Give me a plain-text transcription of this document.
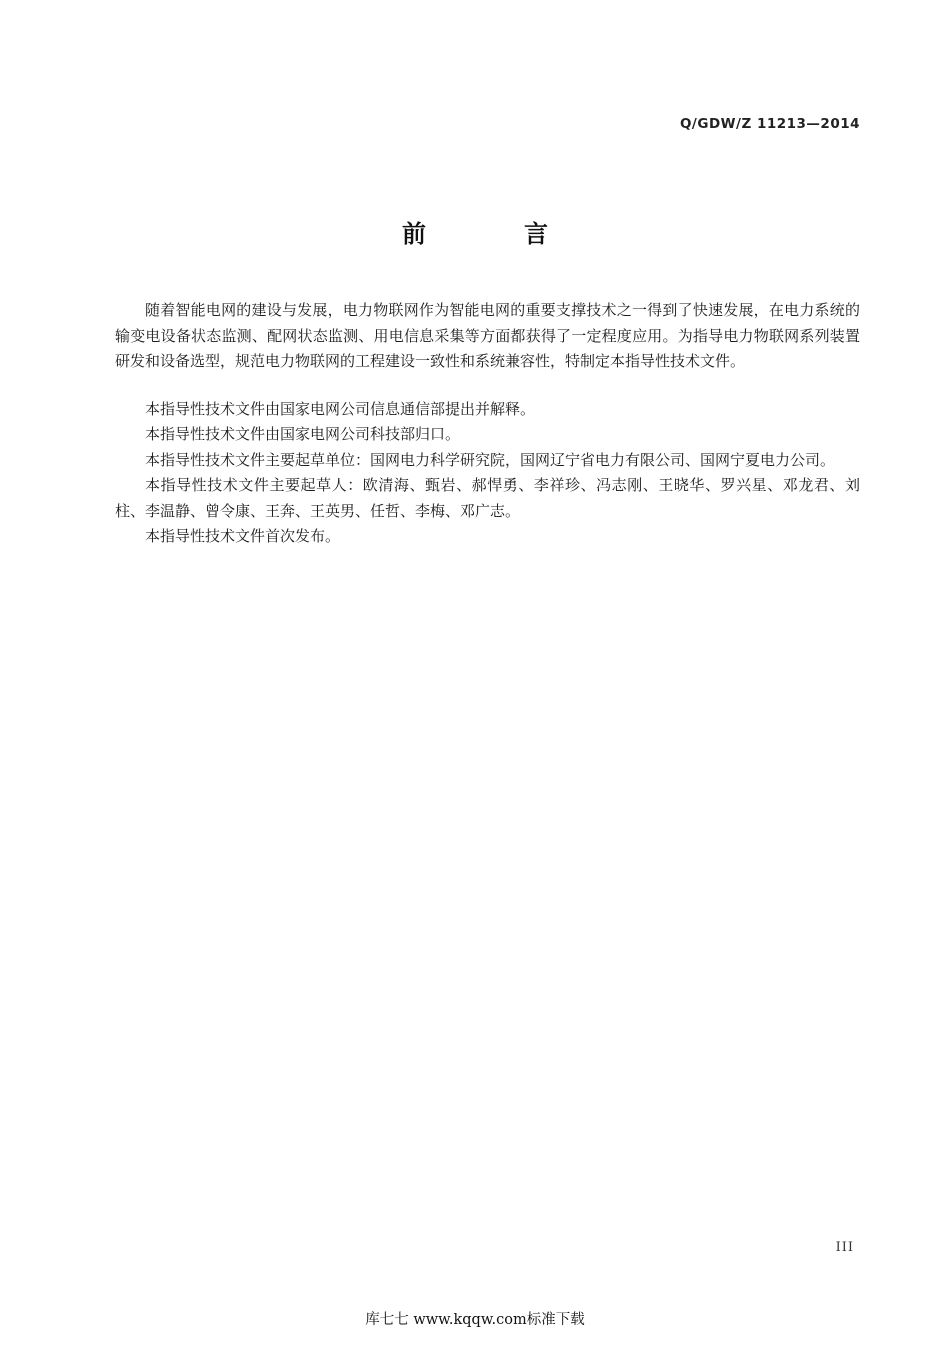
Q/GDW/Z 11213—2014
前言

随着智能电网的建设与发展，电力物联网作为智能电网的重要支撑技术之一得到了快速发展，在电力系统的输变电设备状态监测、配网状态监测、用电信息采集等方面都获得了一定程度应用。为指导电力物联网系列装置研发和设备选型，规范电力物联网的工程建设一致性和系统兼容性，特制定本指导性技术文件。

本指导性技术文件由国家电网公司信息通信部提出并解释。

本指导性技术文件由国家电网公司科技部归口。

本指导性技术文件主要起草单位：国网电力科学研究院，国网辽宁省电力有限公司、国网宁夏电力公司。

本指导性技术文件主要起草人：欧清海、甄岩、郝悍勇、李祥珍、冯志刚、王晓华、罗兴星、邓龙君、刘柱、李温静、曾令康、王奔、王英男、任哲、李梅、邓广志。

本指导性技术文件首次发布。

III
库七七 www.kqqw.com标准下载
